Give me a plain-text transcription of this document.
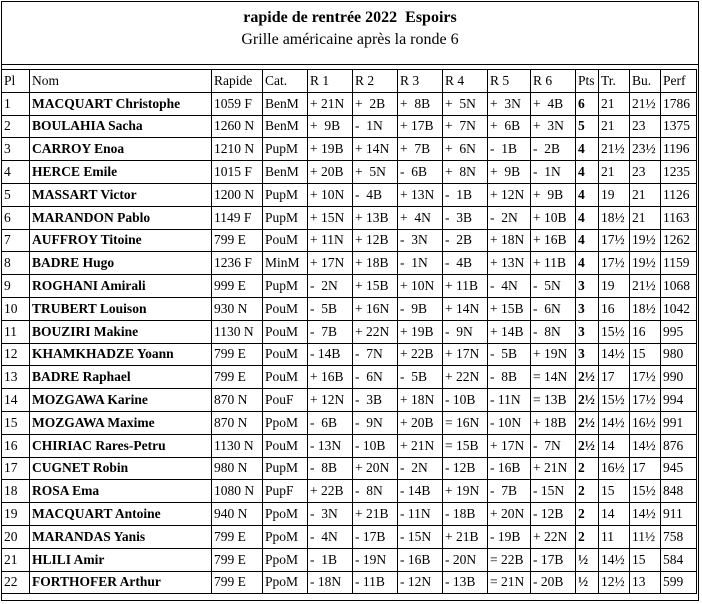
rapide de rentrée 2022  Espoirs
Grille américaine après la ronde 6
Pl	Nom	Rapide	Cat.	R 1	R 2	R 3	R 4	R 5	R 6	Pts	Tr.	Bu.	Perf
1	MACQUART Christophe	1059 F	BenM	+ 21N	+  2B	+  8B	+  5N	+  3N	+  4B	6	21	21½	1786
2	BOULAHIA Sacha	1260 N	BenM	+  9B	-  1N	+ 17B	+  7N	+  6B	+  3N	5	21	23	1375
3	CARROY Enoa	1210 N	PupM	+ 19B	+ 14N	+  7B	+  6N	-  1B	-  2B	4	21½	23½	1196
4	HERCE Emile	1015 F	BenM	+ 20B	+  5N	-  6B	+  8N	+  9B	-  1N	4	21	23	1235
5	MASSART Victor	1200 N	PupM	+ 10N	-  4B	+ 13N	-  1B	+ 12N	+  9B	4	19	21	1126
6	MARANDON Pablo	1149 F	PupM	+ 15N	+ 13B	+  4N	-  3B	-  2N	+ 10B	4	18½	21	1163
7	AUFFROY Titoine	799 E	PouM	+ 11N	+ 12B	-  3N	-  2B	+ 18N	+ 16B	4	17½	19½	1262
8	BADRE Hugo	1236 F	MinM	+ 17N	+ 18B	-  1N	-  4B	+ 13N	+ 11B	4	17½	19½	1159
9	ROGHANI Amirali	999 E	PupM	-  2N	+ 15B	+ 10N	+ 11B	-  4N	-  5N	3	19	21½	1068
10	TRUBERT Louison	930 N	PouM	-  5B	+ 16N	-  9B	+ 14N	+ 15B	-  6N	3	16	18½	1042
11	BOUZIRI Makine	1130 N	PouM	-  7B	+ 22N	+ 19B	-  9N	+ 14B	-  8N	3	15½	16	995
12	KHAMKHADZE Yoann	799 E	PouM	- 14B	-  7N	+ 22B	+ 17N	-  5B	+ 19N	3	14½	15	980
13	BADRE Raphael	799 E	PouM	+ 16B	-  6N	-  5B	+ 22N	-  8B	= 14N	2½	17	17½	990
14	MOZGAWA Karine	870 N	PouF	+ 12N	-  3B	+ 18N	- 10B	- 11N	= 13B	2½	15½	17½	994
15	MOZGAWA Maxime	870 N	PpoM	-  6B	-  9N	+ 20B	= 16N	- 10N	+ 18B	2½	14½	16½	991
16	CHIRIAC Rares-Petru	1130 N	PouM	- 13N	- 10B	+ 21N	= 15B	+ 17N	-  7N	2½	14	14½	876
17	CUGNET Robin	980 N	PupM	-  8B	+ 20N	-  2N	- 12B	- 16B	+ 21N	2	16½	17	945
18	ROSA Ema	1080 N	PupF	+ 22B	-  8N	- 14B	+ 19N	-  7B	- 15N	2	15	15½	848
19	MACQUART Antoine	940 N	PpoM	-  3N	+ 21B	- 11N	- 18B	+ 20N	- 12B	2	14	14½	911
20	MARANDAS Yanis	799 E	PpoM	-  4N	- 17B	- 15N	+ 21B	- 19B	+ 22N	2	11	11½	758
21	HLILI Amir	799 E	PpoM	-  1B	- 19N	- 16B	- 20N	= 22B	- 17B	½	14½	15	584
22	FORTHOFER Arthur	799 E	PpoM	- 18N	- 11B	- 12N	- 13B	= 21N	- 20B	½	12½	13	599
